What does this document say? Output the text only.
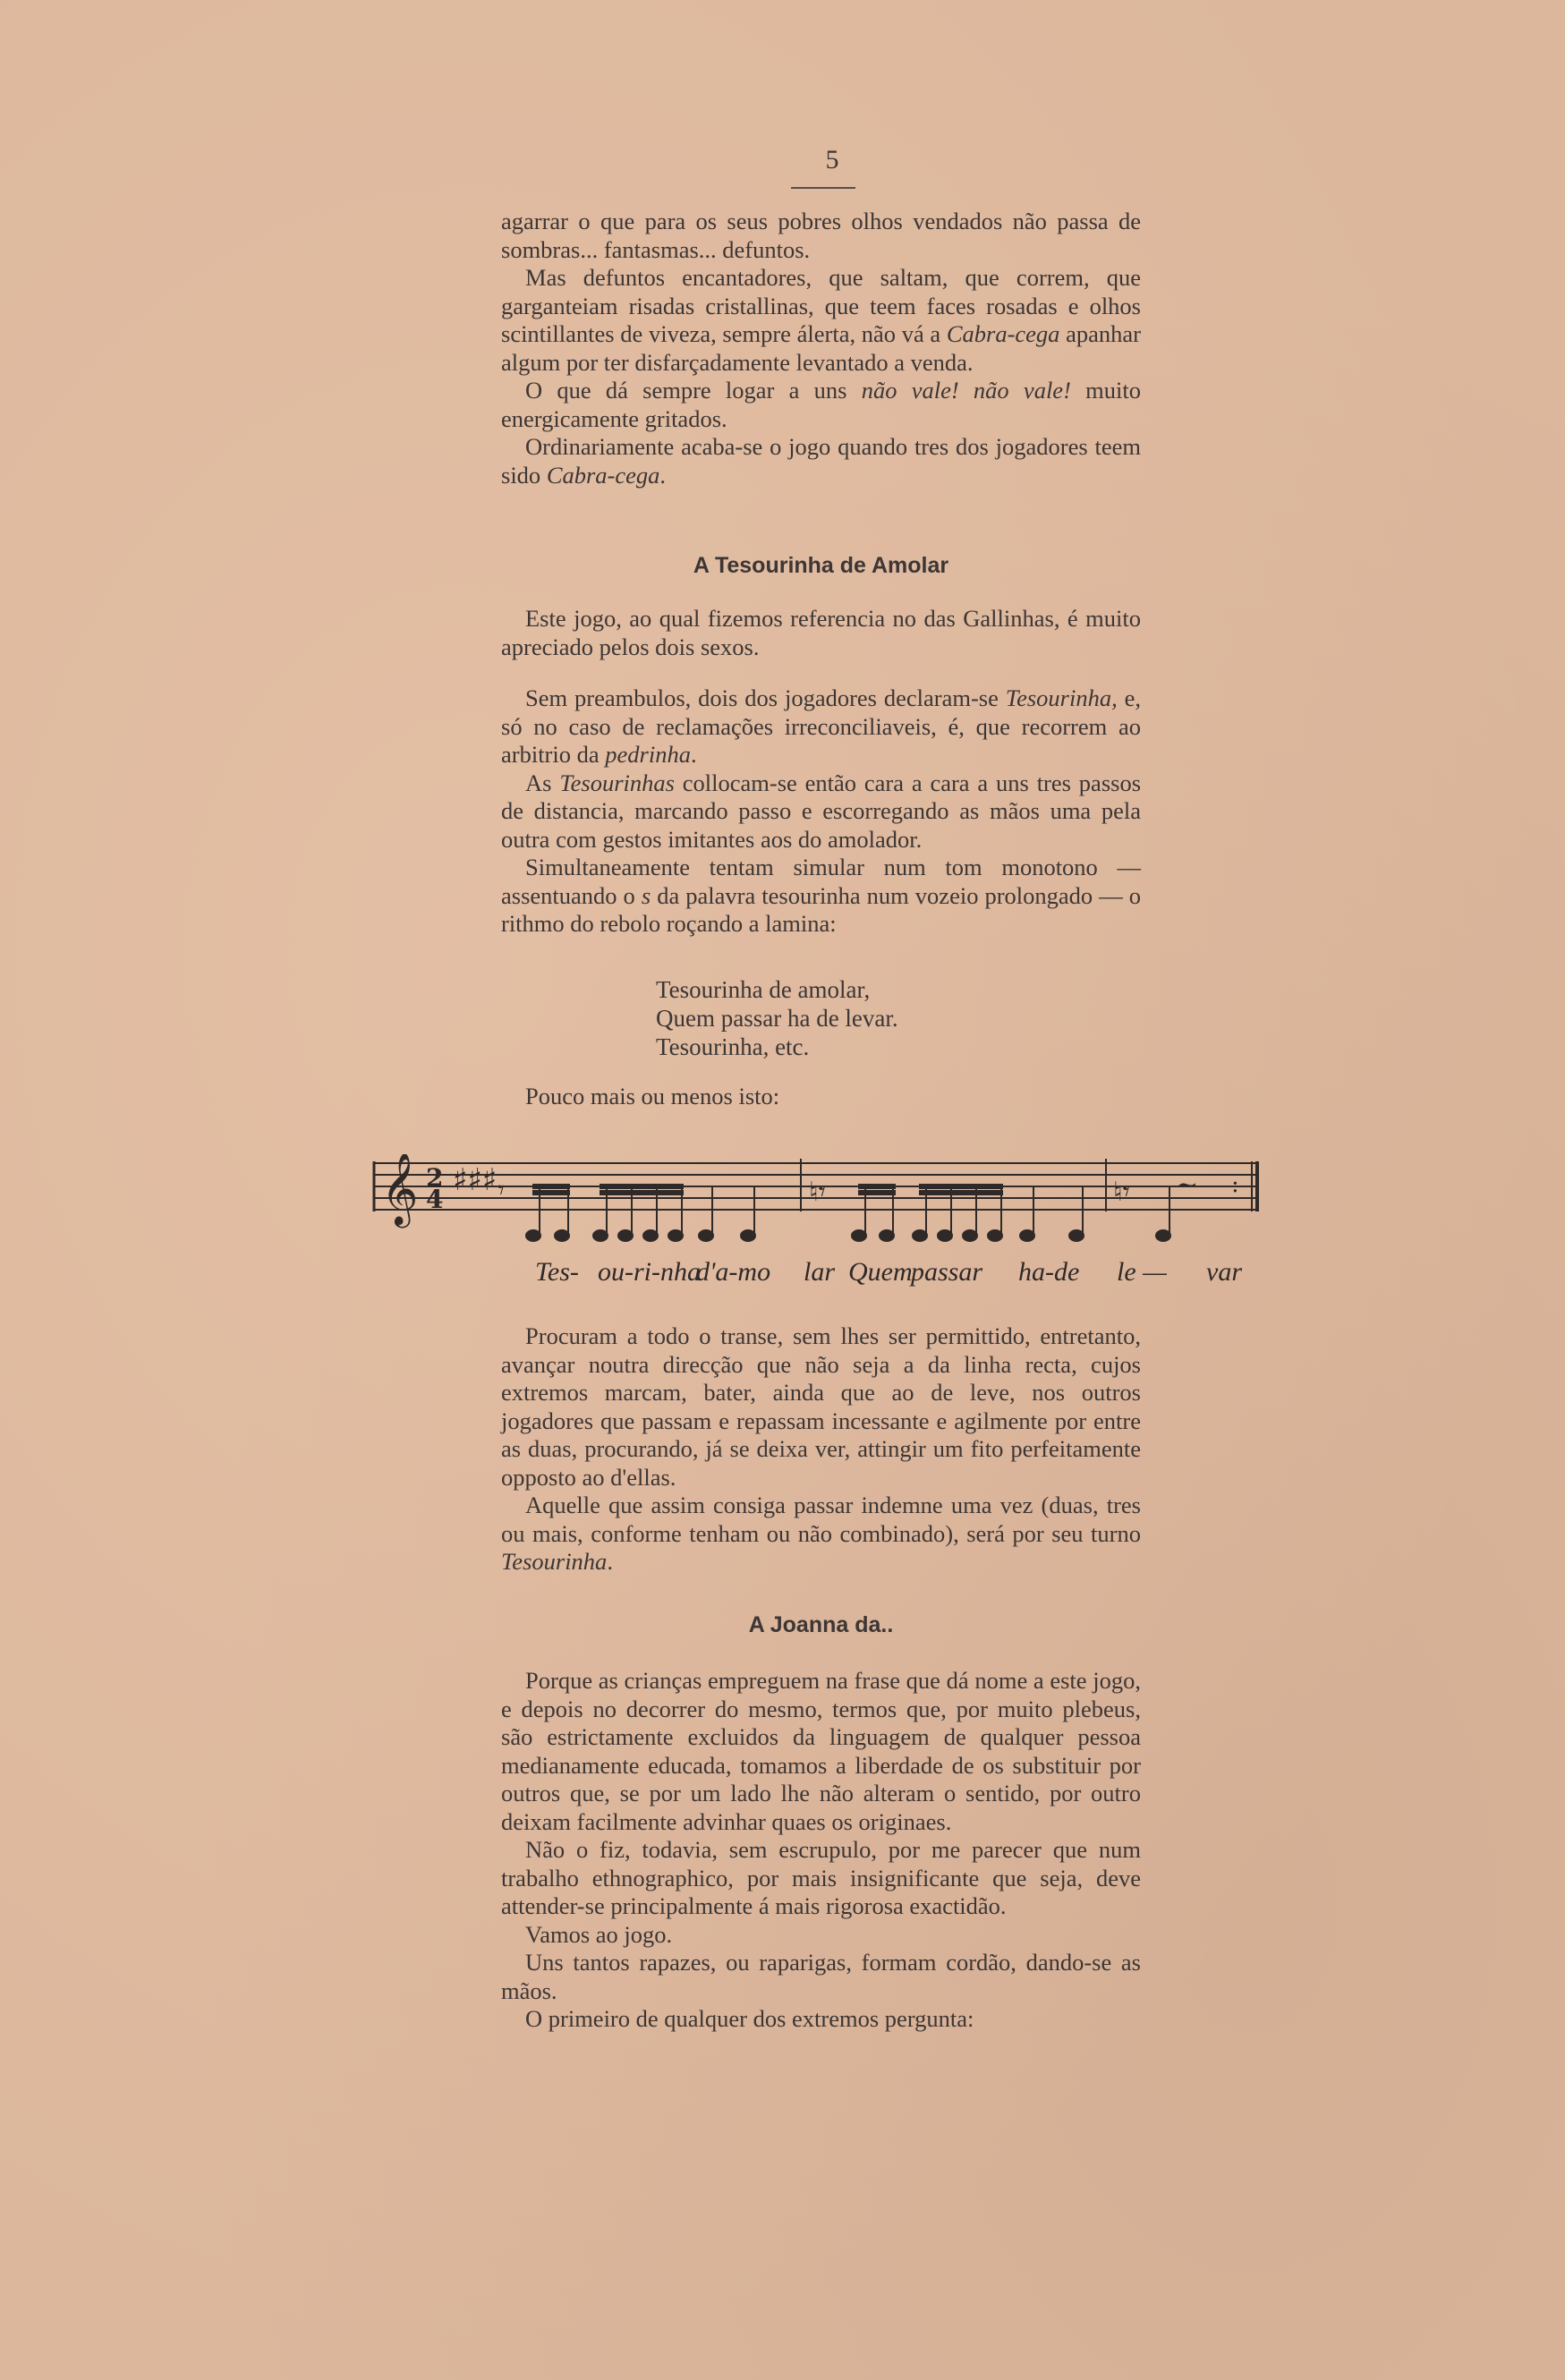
5

agarrar o que para os seus pobres olhos vendados não passa de sombras... fantasmas... defuntos.

Mas defuntos encantadores, que saltam, que correm, que garganteiam risadas cristallinas, que teem faces rosadas e olhos scintillantes de viveza, sempre álerta, não vá a Cabra-cega apanhar algum por ter disfarçadamente levantado a venda.

O que dá sempre logar a uns não vale! não vale! muito energicamente gritados.

Ordinariamente acaba-se o jogo quando tres dos jogadores teem sido Cabra-cega.

A Tesourinha de Amolar

Este jogo, ao qual fizemos referencia no das Gallinhas, é muito apreciado pelos dois sexos.

Sem preambulos, dois dos jogadores declaram-se Tesourinha, e, só no caso de reclamações irreconciliaveis, é, que recorrem ao arbitrio da pedrinha.

As Tesourinhas collocam-se então cara a cara a uns tres passos de distancia, marcando passo e escorregando as mãos uma pela outra com gestos imitantes aos do amolador.

Simultaneamente tentam simular num tom monotono — assentuando o s da palavra tesourinha num vozeio prolongado — o rithmo do rebolo roçando a lamina:

Tesourinha de amolar,
Quem passar ha de levar.
Tesourinha, etc.

Pouco mais ou menos isto:

𝄞 2
4
♯♯♯ 𝄾	♮𝄾	♮𝄾 ~ :
Tes- ou-ri-nha
d'a-mo lar Quem
passar ha-de le — var

Procuram a todo o transe, sem lhes ser permittido, entretanto, avançar noutra direcção que não seja a da linha recta, cujos extremos marcam, bater, ainda que ao de leve, nos outros jogadores que passam e repassam incessante e agilmente por entre as duas, procurando, já se deixa ver, attingir um fito perfeitamente opposto ao d'ellas.

Aquelle que assim consiga passar indemne uma vez (duas, tres ou mais, conforme tenham ou não combinado), será por seu turno Tesourinha.

A Joanna da..

Porque as crianças empreguem na frase que dá nome a este jogo, e depois no decorrer do mesmo, termos que, por muito plebeus, são estrictamente excluidos da linguagem de qualquer pessoa medianamente educada, tomamos a liberdade de os substituir por outros que, se por um lado lhe não alteram o sentido, por outro deixam facilmente advinhar quaes os originaes.

Não o fiz, todavia, sem escrupulo, por me parecer que num trabalho ethnographico, por mais insignificante que seja, deve attender-se principalmente á mais rigorosa exactidão.

Vamos ao jogo.

Uns tantos rapazes, ou raparigas, formam cordão, dando-se as mãos.

O primeiro de qualquer dos extremos pergunta:
